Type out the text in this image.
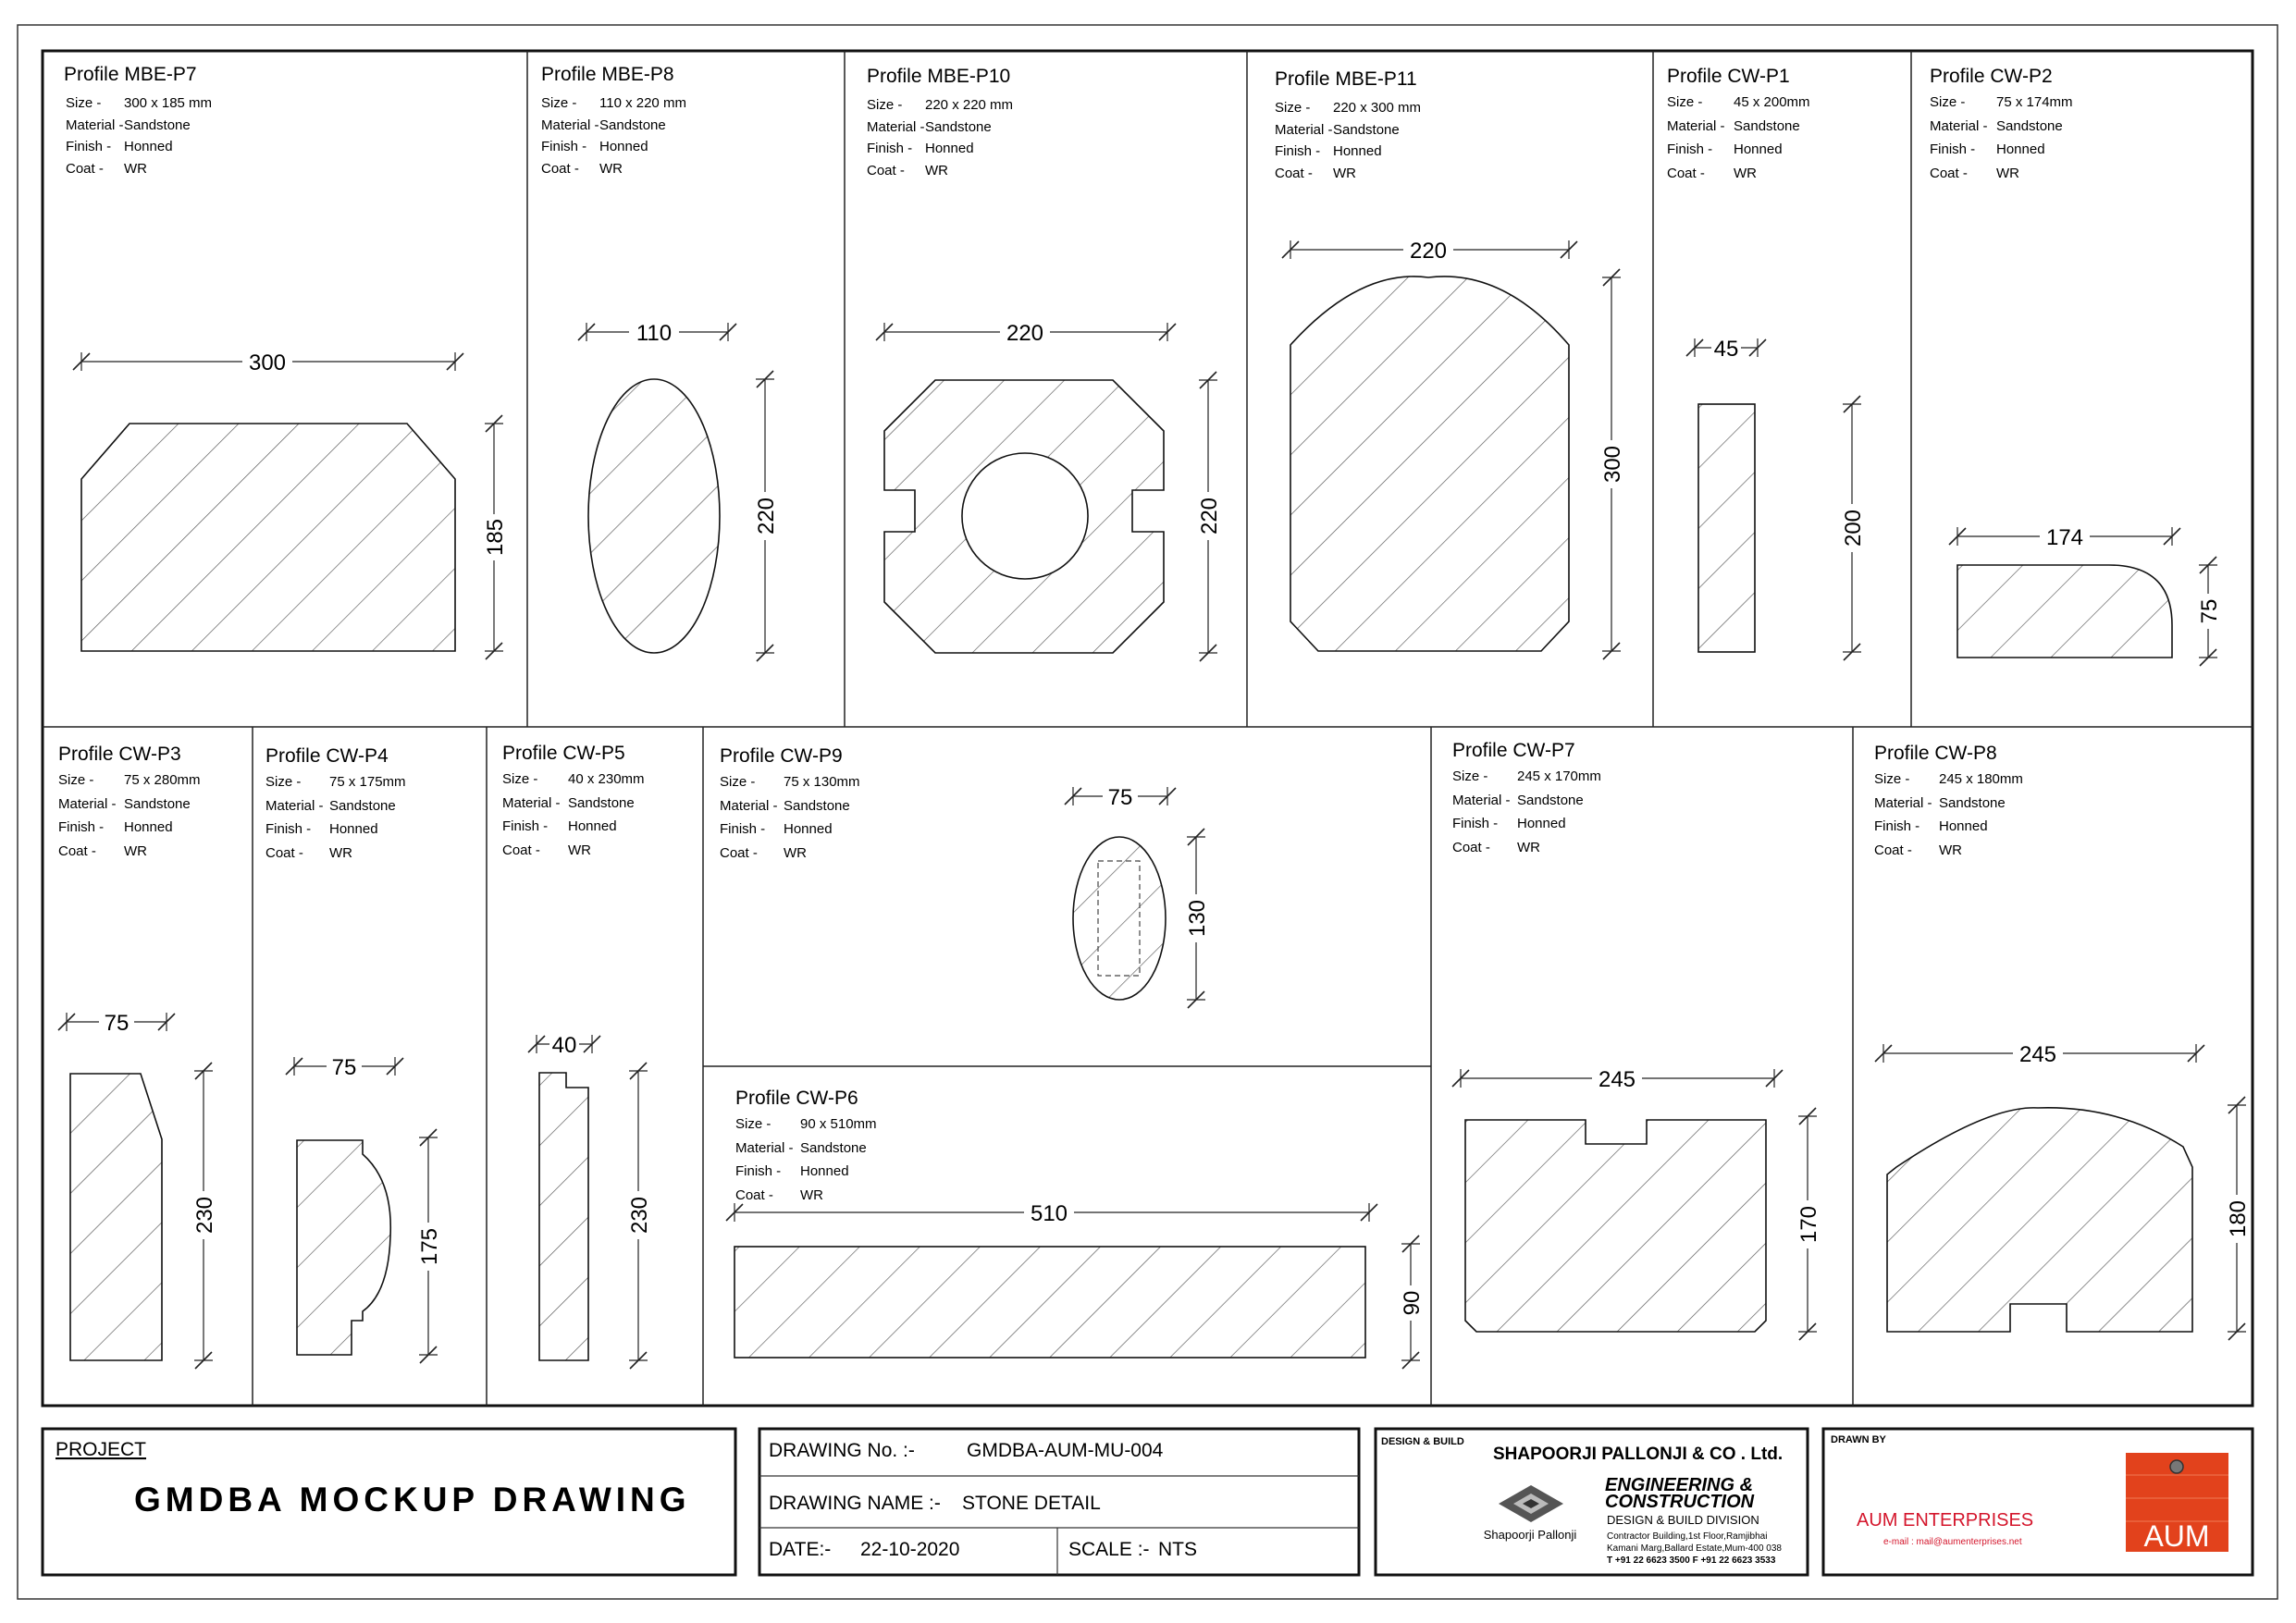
Profile MBE-P7
Size - 300 x 185 mm
Material - Sandstone
Finish - Honned
Coat - WR
300
185
Profile MBE-P8
Size - 110 x 220 mm
Material - Sandstone
Finish - Honned
Coat - WR
110
220
Profile MBE-P10
Size - 220 x 220 mm
Material - Sandstone
Finish - Honned
Coat - WR
220
220
Profile MBE-P11
Size - 220 x 300 mm
Material - Sandstone
Finish - Honned
Coat - WR
220
300
Profile CW-P1
Size - 45 x 200mm
Material - Sandstone
Finish - Honned
Coat - WR
45
200
Profile CW-P2
Size - 75 x 174mm
Material - Sandstone
Finish - Honned
Coat - WR
174
75
Profile CW-P3
Size - 75 x 280mm
Material - Sandstone
Finish - Honned
Coat - WR
75
230
Profile CW-P4
Size - 75 x 175mm
Material - Sandstone
Finish - Honned
Coat - WR
75
175
Profile CW-P5
Size - 40 x 230mm
Material - Sandstone
Finish - Honned
Coat - WR
40
230
Profile CW-P9
Size - 75 x 130mm
Material - Sandstone
Finish - Honned
Coat - WR
75
130
Profile CW-P6
Size - 90 x 510mm
Material - Sandstone
Finish - Honned
Coat - WR
510
90
Profile CW-P7
Size - 245 x 170mm
Material - Sandstone
Finish - Honned
Coat - WR
245
170
Profile CW-P8
Size - 245 x 180mm
Material - Sandstone
Finish - Honned
Coat - WR
245
180
PROJECT
GMDBA MOCKUP DRAWING
DRAWING No. :-	GMDBA-AUM-MU-004
DRAWING NAME :- STONE DETAIL
DATE:- 22-10-2020	SCALE :- NTS
DESIGN & BUILD
SHAPOORJI PALLONJI & CO . Ltd.
Shapoorji Pallonji
ENGINEERING &
CONSTRUCTION
DESIGN & BUILD DIVISION
Contractor Building,1st Floor,Ramjibhai
Kamani Marg,Ballard Estate,Mum-400 038
T +91 22 6623 3500 F +91 22 6623 3533
DRAWN BY
AUM ENTERPRISES
e-mail : mail@aumenterprises.net	AUM
